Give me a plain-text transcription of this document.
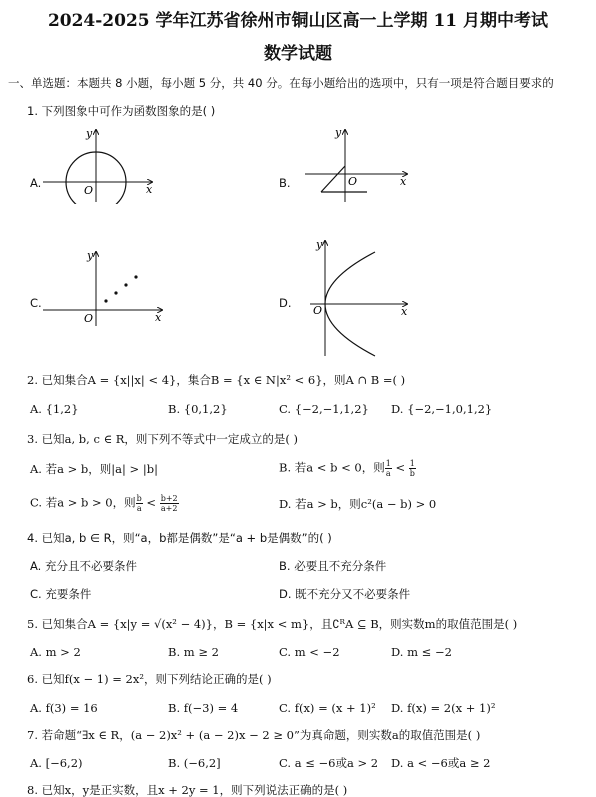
2024-2025 学年江苏省徐州市铜山区高一上学期 11 月期中考试
数学试题
一、单选题：本题共 8 小题，每小题 5 分，共 40 分。在每小题给出的选项中，只有一项是符合题目要求的
1. 下列图象中可作为函数图象的是( )
A.	x
y
O
B.	x
y
O
C.
x
y
O
D.
x
y
O
2. 已知集合A = {x||x| < 4}，集合B = {x ∈ N|x² < 6}，则A ∩ B =( )
A. {1,2}	B. {0,1,2}	C. {−2,−1,1,2} D. {−2,−1,0,1,2}
3. 已知a, b, c ∈ R，则下列不等式中一定成立的是( )
A. 若a > b，则|a| > |b|	B. 若a < b < 0，则 $\frac{1}{a} < \frac{1}{b}$
C. 若a > b > 0，则 $\frac{b}{a} < \frac{b+2}{a+2}$	D. 若a > b，则c²(a − b) > 0
4. 已知a, b ∈ R，则“a，b都是偶数”是“a + b是偶数”的( )
A. 充分且不必要条件	B. 必要且不充分条件
C. 充要条件	D. 既不充分又不必要条件
5. 已知集合A = {x|y = √(x² − 4)}，B = {x|x < m}，且∁ᴿA ⊆ B，则实数m的取值范围是( )
A. m > 2	B. m ≥ 2	C. m < −2	D. m ≤ −2
6. 已知f(x − 1) = 2x²，则下列结论正确的是( )
A. f(3) = 16	B. f(−3) = 4	C. f(x) = (x + 1)² D. f(x) = 2(x + 1)²
7. 若命题“∃x ∈ R，(a − 2)x² + (a − 2)x − 2 ≥ 0”为真命题，则实数a的取值范围是( )
A. [−6,2)	B. (−6,2]	C. a ≤ −6或a > 2 D. a < −6或a ≥ 2
8. 已知x，y是正实数，且x + 2y = 1，则下列说法正确的是( )
